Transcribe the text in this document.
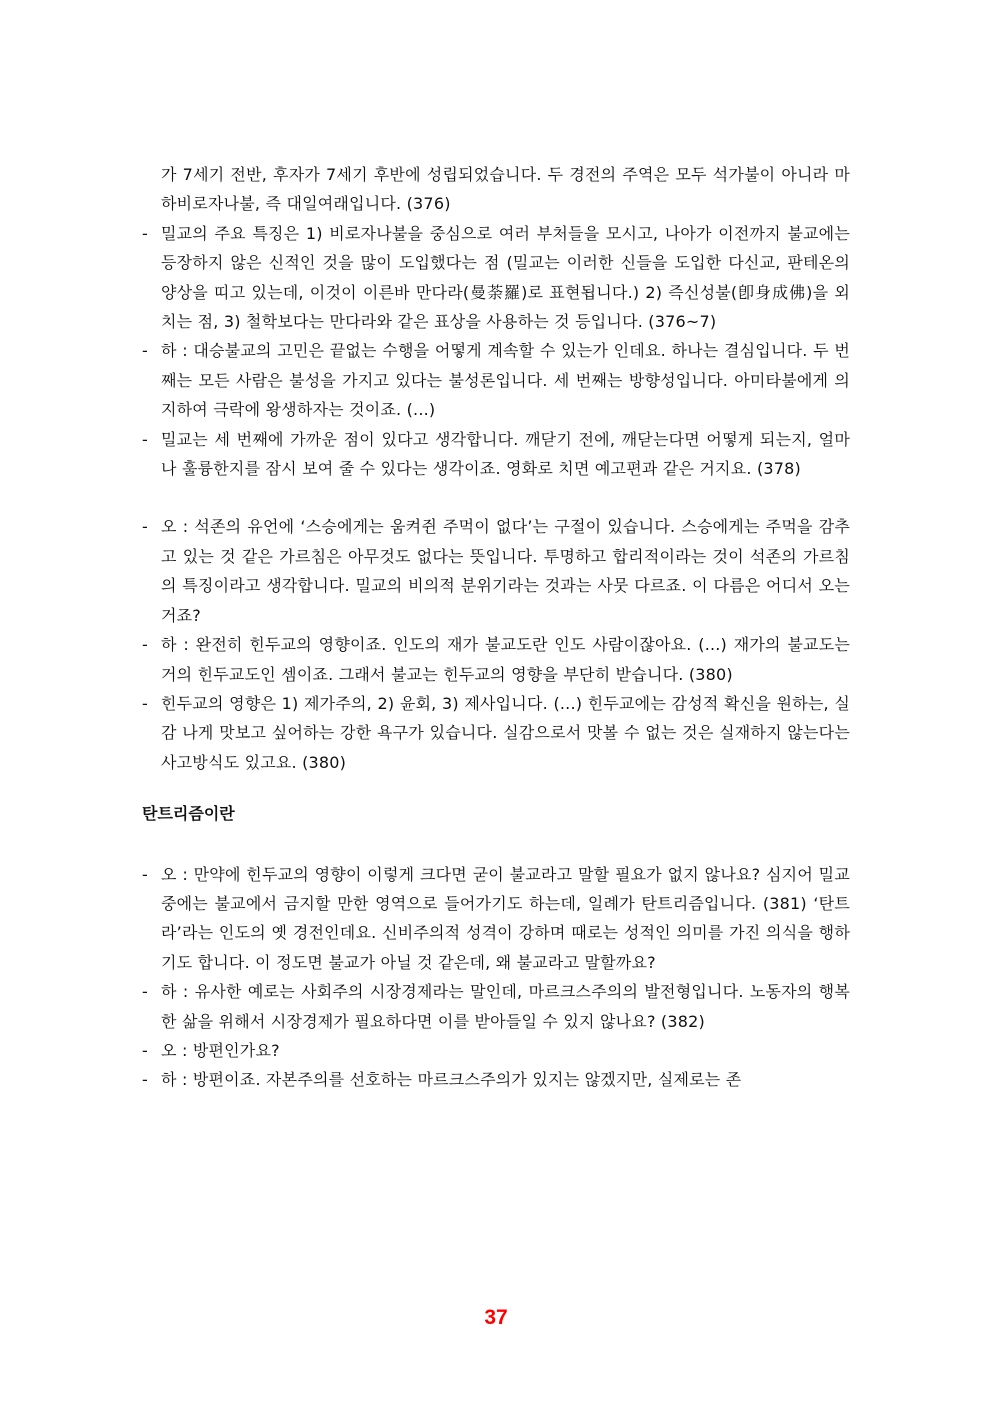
가 7세기 전반, 후자가 7세기 후반에 성립되었습니다. 두 경전의 주역은 모두 석가불이 아니라 마하비로자나불, 즉 대일여래입니다. (376)

- 밀교의 주요 특징은 1) 비로자나불을 중심으로 여러 부처들을 모시고, 나아가 이전까지 불교에는 등장하지 않은 신적인 것을 많이 도입했다는 점 (밀교는 이러한 신들을 도입한 다신교, 판테온의 양상을 띠고 있는데, 이것이 이른바 만다라(曼荼羅)로 표현됩니다.) 2) 즉신성불(卽身成佛)을 외치는 점, 3) 철학보다는 만다라와 같은 표상을 사용하는 것 등입니다. (376~7)

- 하 : 대승불교의 고민은 끝없는 수행을 어떻게 계속할 수 있는가 인데요. 하나는 결심입니다. 두 번째는 모든 사람은 불성을 가지고 있다는 불성론입니다. 세 번째는 방향성입니다. 아미타불에게 의지하여 극락에 왕생하자는 것이죠. (...)

- 밀교는 세 번째에 가까운 점이 있다고 생각합니다. 깨닫기 전에, 깨닫는다면 어떻게 되는지, 얼마나 훌륭한지를 잠시 보여 줄 수 있다는 생각이죠. 영화로 치면 예고편과 같은 거지요. (378)

- 오 : 석존의 유언에 ‘스승에게는 움켜쥔 주먹이 없다’는 구절이 있습니다. 스승에게는 주먹을 감추고 있는 것 같은 가르침은 아무것도 없다는 뜻입니다. 투명하고 합리적이라는 것이 석존의 가르침의 특징이라고 생각합니다. 밀교의 비의적 분위기라는 것과는 사뭇 다르죠. 이 다름은 어디서 오는 거죠?

- 하 : 완전히 힌두교의 영향이죠. 인도의 재가 불교도란 인도 사람이잖아요. (...) 재가의 불교도는 거의 힌두교도인 셈이죠. 그래서 불교는 힌두교의 영향을 부단히 받습니다. (380)

- 힌두교의 영향은 1) 제가주의, 2) 윤회, 3) 제사입니다. (...) 힌두교에는 감성적 확신을 원하는, 실감 나게 맛보고 싶어하는 강한 욕구가 있습니다. 실감으로서 맛볼 수 없는 것은 실재하지 않는다는 사고방식도 있고요. (380)

탄트리즘이란

- 오 : 만약에 힌두교의 영향이 이렇게 크다면 굳이 불교라고 말할 필요가 없지 않나요? 심지어 밀교 중에는 불교에서 금지할 만한 영역으로 들어가기도 하는데, 일례가 탄트리즘입니다. (381) ‘탄트라’라는 인도의 옛 경전인데요. 신비주의적 성격이 강하며 때로는 성적인 의미를 가진 의식을 행하기도 합니다. 이 정도면 불교가 아닐 것 같은데, 왜 불교라고 말할까요?

- 하 : 유사한 예로는 사회주의 시장경제라는 말인데, 마르크스주의의 발전형입니다. 노동자의 행복한 삶을 위해서 시장경제가 필요하다면 이를 받아들일 수 있지 않나요? (382)

- 오 : 방편인가요?

- 하 : 방편이죠. 자본주의를 선호하는 마르크스주의가 있지는 않겠지만, 실제로는 존

37
